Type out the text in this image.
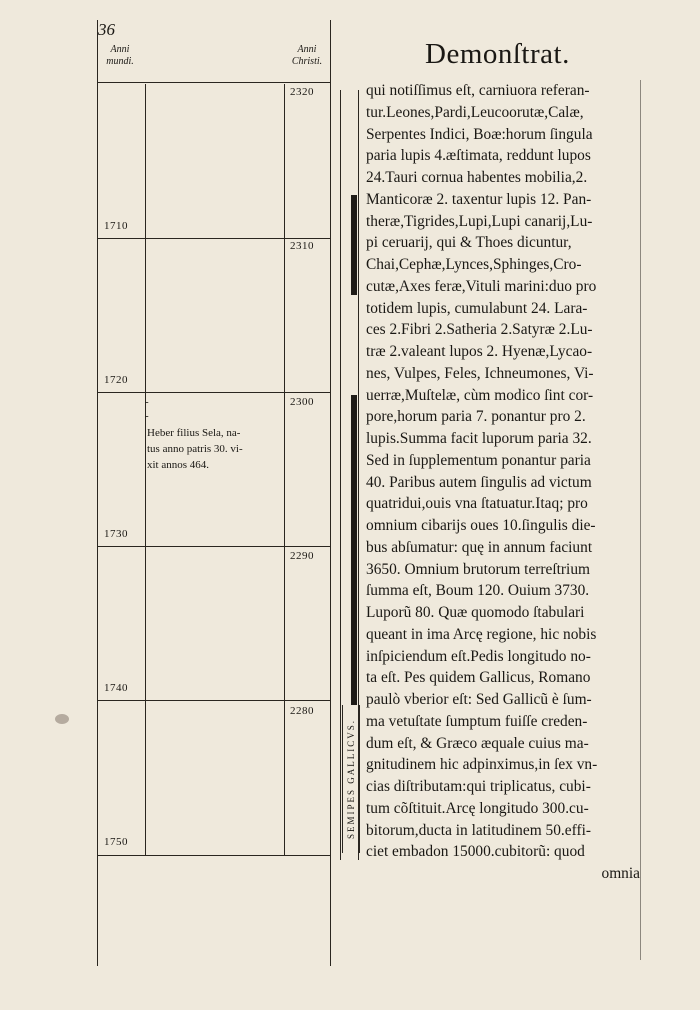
36
Anni
mundi.
Anni
Christi.
2320
1710
2310
1720
2300
1730
2290
1740
2280
1750
-
-
Heber filius Sela, na-
tus anno patris 30. vi-
xit annos 464.
SEMIPES GALLICVS.
Demonſtrat.

qui notiſſimus eſt, carniuora referan-

tur.Leones,Pardi,Leucoorutæ,Calæ,

Serpentes Indici, Boæ:horum ſingula

paria lupis 4.æſtimata, reddunt lupos

24.Tauri cornua habentes mobilia,2.

Manticoræ 2. taxentur lupis 12. Pan-

theræ,Tigrides,Lupi,Lupi canarij,Lu-

pi ceruarij, qui & Thoes dicuntur,

Chai,Cephæ,Lynces,Sphinges,Cro-

cutæ,Axes feræ,Vituli marini:duo pro

totidem lupis, cumulabunt 24. Lara-

ces 2.Fibri 2.Satheria 2.Satyræ 2.Lu-

træ 2.valeant lupos 2. Hyenæ,Lycao-

nes, Vulpes, Feles, Ichneumones, Vi-

uerræ,Muſtelæ, cùm modico ſint cor-

pore,horum paria 7. ponantur pro 2.

lupis.Summa facit luporum paria 32.

Sed in ſupplementum ponantur paria

40. Paribus autem ſingulis ad victum

quatridui,ouis vna ſtatuatur.Itaq; pro

omnium cibarijs oues 10.ſingulis die-

bus abſumatur: quę in annum faciunt

3650. Omnium brutorum terreſtrium

ſumma eſt, Boum 120. Ouium 3730.

Luporũ 80. Quæ quomodo ſtabulari

queant in ima Arcę regione, hic nobis

inſpiciendum eſt.Pedis longitudo no-

ta eſt. Pes quidem Gallicus, Romano

paulò vberior eſt: Sed Gallicũ è ſum-

ma vetuſtate ſumptum fuiſſe creden-

dum eſt, & Græco æquale cuius ma-

gnitudinem hic adpinximus,in ſex vn-

cias diſtributam:qui triplicatus, cubi-

tum cõſtituit.Arcę longitudo 300.cu-

bitorum,ducta in latitudinem 50.effi-

ciet embadon 15000.cubitorũ: quod

omnia
